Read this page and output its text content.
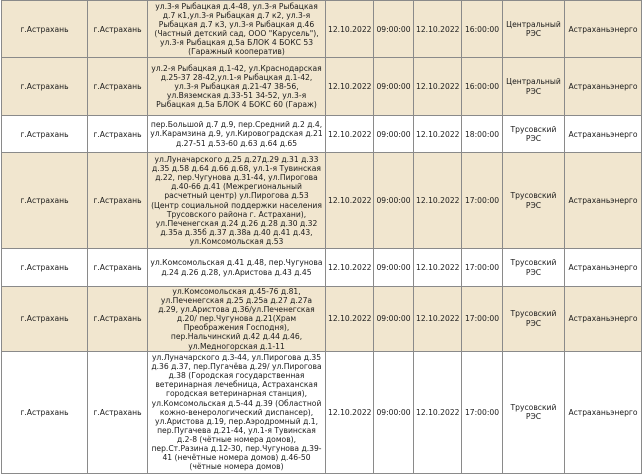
г.Астрахань	г.Астрахань	ул.3-я Рыбацкая д.4-48, ул.3-я Рыбацкая д.7 к1,ул.3-я Рыбацкая д.7 к2, ул.3-я Рыбацкая д.7 к3, ул.3-я Рыбацкая д.46 (Частный детский сад, ООО "Карусель"), ул.3-я Рыбацкая д.5а БЛОК 4 БОКС 53 (Гаражный кооператив)	12.10.2022	09:00:00	12.10.2022	16:00:00	Центральный РЭС	Астраханьэнерго
г.Астрахань	г.Астрахань	ул.2-я Рыбацкая д.1-42, ул.Краснодарская д.25-37 28-42,ул.1-я Рыбацкая д.1-42, ул.3-я Рыбацкая д.21-47 38-56, ул.Вяземская д.33-51 34-52, ул.3-я Рыбацкая д.5а БЛОК 4 БОКС 60 (Гараж)	12.10.2022	09:00:00	12.10.2022	16:00:00	Центральный РЭС	Астраханьэнерго
г.Астрахань	г.Астрахань	пер.Большой д.7 д.9, пер.Средний д.2 д.4, ул.Карамзина д.9, ул.Кировоградская д.21 д.27-51 д.53-60 д.63 д.64 д.65	12.10.2022	09:00:00	12.10.2022	18:00:00	Трусовский РЭС	Астраханьэнерго
г.Астрахань	г.Астрахань	ул.Луначарского д.25 д.27д.29 д.31 д.33 д.35 д.58 д.64 д.66 д.68, ул.1-я Тувинская д.22, пер.Чугунова д.31-44, ул.Пирогова д.40-66 д.41 (Межрегиональный расчетный центр) ул.Пирогова д.53 (Центр социальной поддержки населения Трусовского района г. Астрахани), ул.Печенегская д.24 д.26 д.28 д.30 д.32 д.35а д.35б д.37 д.38а д.40 д.41 д.43, ул.Комсомольская д.53	12.10.2022	09:00:00	12.10.2022	17:00:00	Трусовский РЭС	Астраханьэнерго
г.Астрахань	г.Астрахань	ул.Комсомольская д.41 д.48, пер.Чугунова д.24 д.26 д.28, ул.Аристова д.43 д.45	12.10.2022	09:00:00	12.10.2022	17:00:00	Трусовский РЭС	Астраханьэнерго
г.Астрахань	г.Астрахань	ул.Комсомольская д.45-76 д.81, ул.Печенегская д.25 д.25а д.27 д.27а д.29, ул.Аристова д.36/ул.Печенегская д.20/ пер.Чугунова д.21(Храм Преображения Господня), пер.Нальчинский д.42 д.44 д.46, ул.Медногорская д.1-11	12.10.2022	09:00:00	12.10.2022	17:00:00	Трусовский РЭС	Астраханьэнерго
г.Астрахань	г.Астрахань	ул.Луначарского д.3-44, ул.Пирогова д.35 д.36 д.37, пер.Пугачёва д.29/ ул.Пирогова д.38 (Городская государственная ветеринарная лечебница, Астраханская городская ветеринарная станция), ул.Комсомольская д.5-44 д.39 (Областной кожно-венерологический диспансер), ул.Аристова д.19, пер.Аэродромный д.1, пер.Пугачева д.21-44, ул.1-я Тувинская д.2-8 (чётные номера домов), пер.Ст.Разина д.12-30, пер.Чугунова д.39-41 (нечётные номера домов) д.46-50 (чётные номера домов)	12.10.2022	09:00:00	12.10.2022	17:00:00	Трусовский РЭС	Астраханьэнерго
